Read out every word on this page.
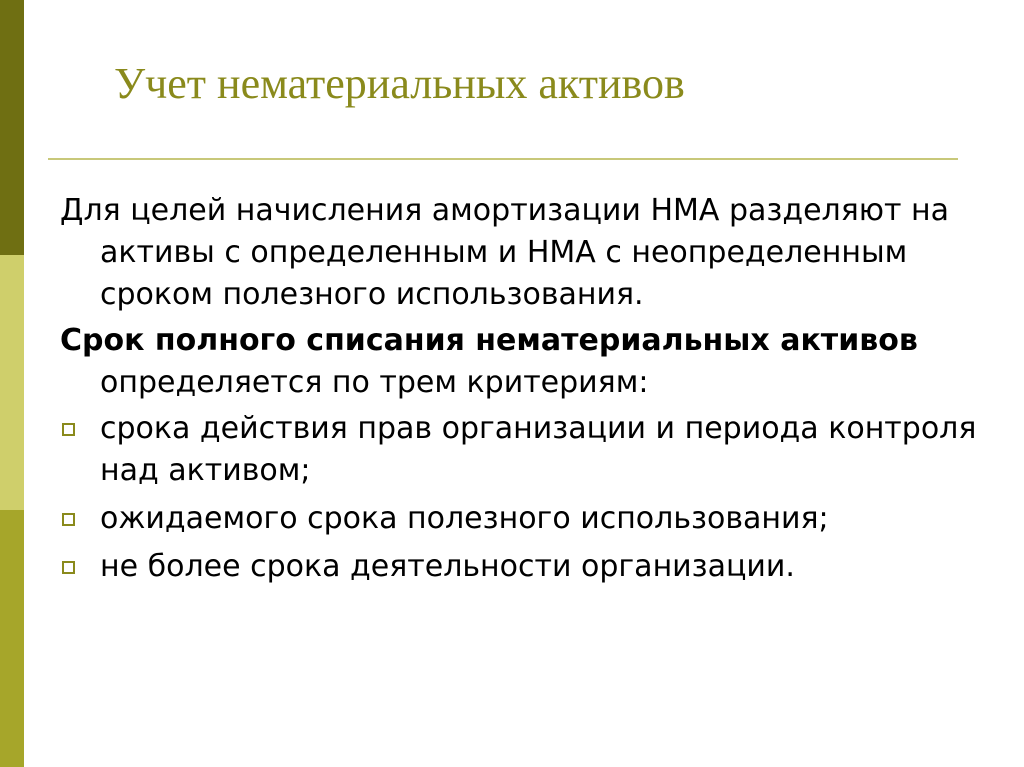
Учет нематериальных активов

Для целей начисления амортизации НМА разделяют на активы с определенным и НМА с неопределенным сроком полезного использования.

Срок полного списания нематериальных активов определяется по трем критериям:

срока действия прав организации и периода контроля над активом;
ожидаемого срока полезного использования;
не более срока деятельности организации.
